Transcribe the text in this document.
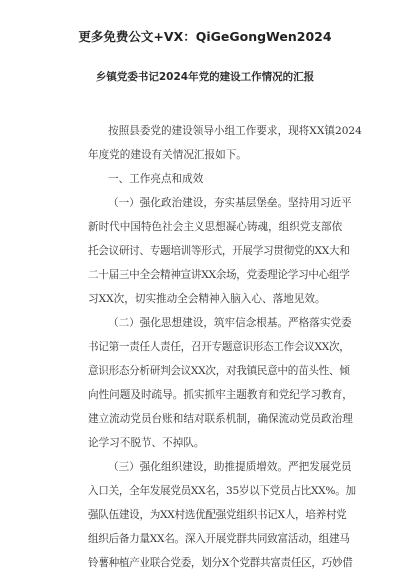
更多免费公文+VX：QiGeGongWen2024
乡镇党委书记2024年党的建设工作情况的汇报
按照县委党的建设领导小组工作要求，现将XX镇2024
年度党的建设有关情况汇报如下。
一、工作亮点和成效
（一）强化政治建设，夯实基层堡垒。坚持用习近平
新时代中国特色社会主义思想凝心铸魂，组织党支部依
托会议研讨、专题培训等形式，开展学习贯彻党的XX大和
二十届三中全会精神宣讲XX余场，党委理论学习中心组学
习XX次，切实推动全会精神入脑入心、落地见效。
（二）强化思想建设，筑牢信念根基。严格落实党委
书记第一责任人责任，召开专题意识形态工作会议XX次，
意识形态分析研判会议XX次，对我镇民意中的苗头性、倾
向性问题及时疏导。抓实抓牢主题教育和党纪学习教育，
建立流动党员台账和结对联系机制，确保流动党员政治理
论学习不脱节、不掉队。
（三）强化组织建设，助推提质增效。严把发展党员
入口关，全年发展党员XX名，35岁以下党员占比XX%。加
强队伍建设，为XX村选优配强党组织书记X人，培养村党
组织后备力量XX名。深入开展党群共同致富活动，组建马
铃薯种植产业联合党委，划分X个党群共富责任区，巧妙借
